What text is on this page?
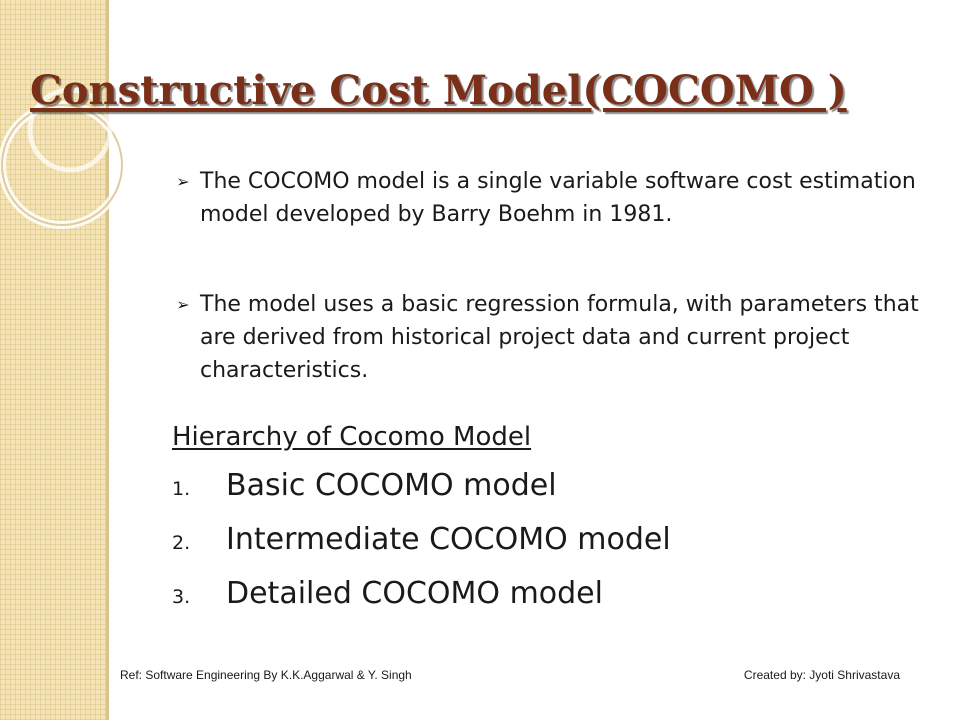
Constructive Cost Model(COCOMO )
➢ The COCOMO model is a single variable software cost estimation model developed by Barry Boehm in 1981.
➢ The model uses a basic regression formula, with parameters that are derived from historical project data and current project characteristics.
Hierarchy of Cocomo Model
1. Basic COCOMO model
2. Intermediate COCOMO model
3. Detailed COCOMO model
Ref: Software Engineering By K.K.Aggarwal & Y. Singh	Created by: Jyoti Shrivastava
